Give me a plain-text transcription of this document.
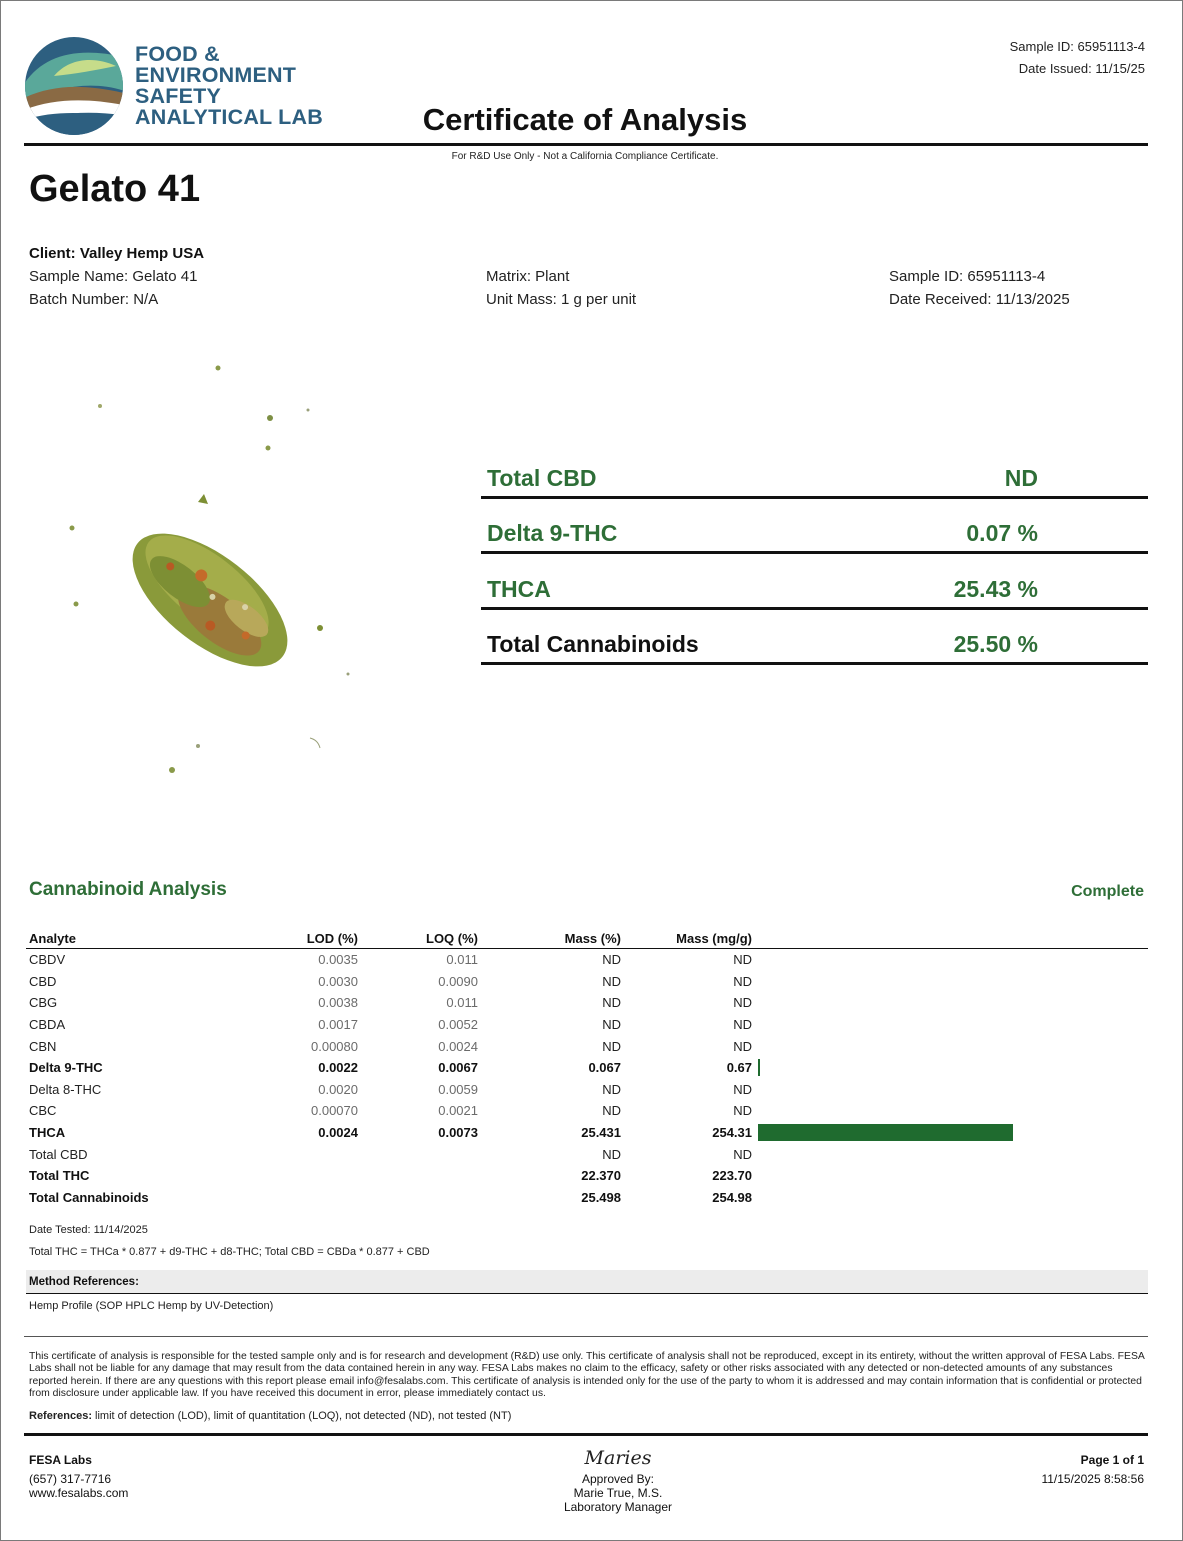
FOOD &
ENVIRONMENT
SAFETY
ANALYTICAL LAB
Sample ID: 65951113-4
Date Issued: 11/15/25
Certificate of Analysis
For R&D Use Only - Not a California Compliance Certificate.
Gelato 41
Client: Valley Hemp USA
Sample Name: Gelato 41
Batch Number: N/A
Matrix: Plant
Unit Mass: 1 g per unit
Sample ID: 65951113-4
Date Received: 11/13/2025
Total CBD	ND
Delta 9-THC	0.07 %
THCA	25.43 %
Total Cannabinoids	25.50 %
Cannabinoid Analysis	Complete
Analyte	LOD (%)	LOQ (%)	Mass (%)	Mass (mg/g)	
CBDV	0.0035	0.011	ND	ND	
CBD	0.0030	0.0090	ND	ND	
CBG	0.0038	0.011	ND	ND	
CBDA	0.0017	0.0052	ND	ND	
CBN	0.00080	0.0024	ND	ND	
Delta 9-THC	0.0022	0.0067	0.067	0.67	
Delta 8-THC	0.0020	0.0059	ND	ND	
CBC	0.00070	0.0021	ND	ND	
THCA	0.0024	0.0073	25.431	254.31	
Total CBD			ND	ND	
Total THC			22.370	223.70	
Total Cannabinoids			25.498	254.98	
Date Tested: 11/14/2025
Total THC = THCa * 0.877 + d9-THC + d8-THC; Total CBD = CBDa * 0.877 + CBD
Method References:
Hemp Profile (SOP HPLC Hemp by UV-Detection)
This certificate of analysis is responsible for the tested sample only and is for research and development (R&D) use only. This certificate of analysis shall not be reproduced, except in its entirety, without the written approval of FESA Labs. FESA Labs shall not be liable for any damage that may result from the data contained herein in any way. FESA Labs makes no claim to the efficacy, safety or other risks associated with any detected or non-detected amounts of any substances reported herein. If there are any questions with this report please email info@fesalabs.com. This certificate of analysis is intended only for the use of the party to whom it is addressed and may contain information that is confidential or protected from disclosure under applicable law. If you have received this document in error, please immediately contact us.
References: limit of detection (LOD), limit of quantitation (LOQ), not detected (ND), not tested (NT)
FESA Labs
(657) 317-7716
www.fesalabs.com
Maries
Approved By:
Marie True, M.S.
Laboratory Manager
Page 1 of 1
11/15/2025 8:58:56
